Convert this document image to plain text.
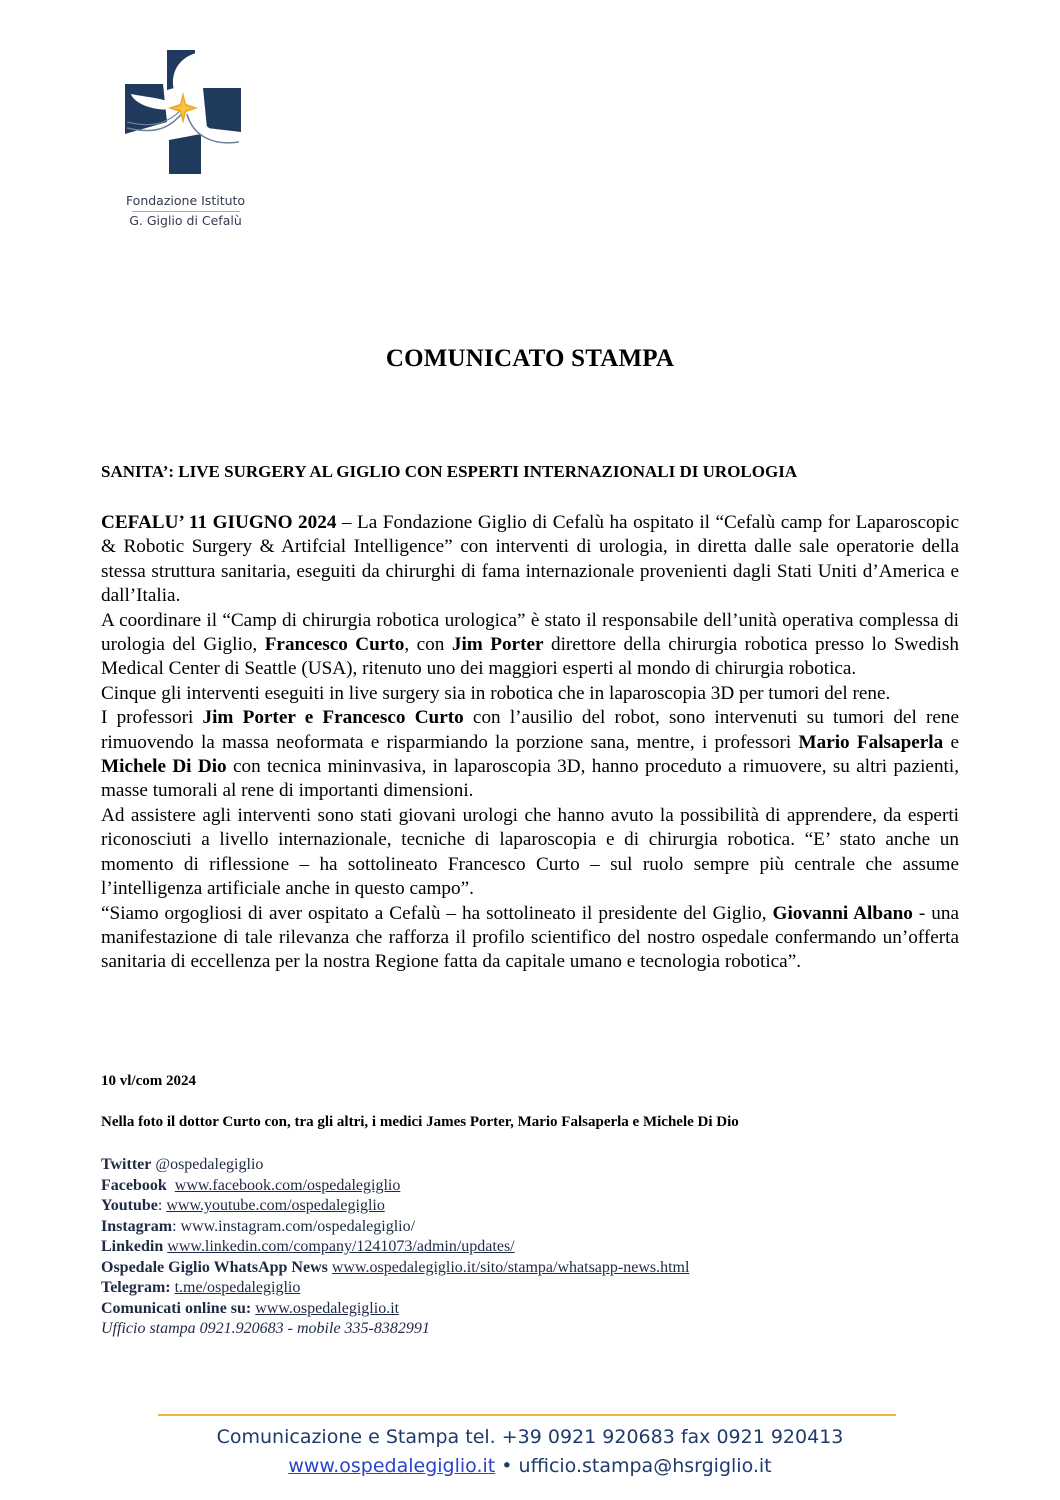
Fondazione Istituto
G. Giglio di Cefalù
COMUNICATO STAMPA
SANITA’: LIVE SURGERY AL GIGLIO CON ESPERTI INTERNAZIONALI DI UROLOGIA

CEFALU’ 11 GIUGNO 2024 – La Fondazione Giglio di Cefalù ha ospitato il “Cefalù camp for Laparoscopic & Robotic Surgery & Artifcial Intelligence” con interventi di urologia, in diretta dalle sale operatorie della stessa struttura sanitaria, eseguiti da chirurghi di fama internazionale provenienti dagli Stati Uniti d’America e dall’Italia.

A coordinare il “Camp di chirurgia robotica urologica” è stato il responsabile dell’unità operativa complessa di urologia del Giglio, Francesco Curto, con Jim Porter direttore della chirurgia robotica presso lo Swedish Medical Center di Seattle (USA), ritenuto uno dei maggiori esperti al mondo di chirurgia robotica.

Cinque gli interventi eseguiti in live surgery sia in robotica che in laparoscopia 3D per tumori del rene.

I professori Jim Porter e Francesco Curto con l’ausilio del robot, sono intervenuti su tumori del rene rimuovendo la massa neoformata e risparmiando la porzione sana, mentre, i professori Mario Falsaperla e Michele Di Dio con tecnica mininvasiva, in laparoscopia 3D, hanno proceduto a rimuovere, su altri pazienti, masse tumorali al rene di importanti dimensioni.

Ad assistere agli interventi sono stati giovani urologi che hanno avuto la possibilità di apprendere, da esperti riconosciuti a livello internazionale, tecniche di laparoscopia e di chirurgia robotica. “E’ stato anche un momento di riflessione – ha sottolineato Francesco Curto – sul ruolo sempre più centrale che assume l’intelligenza artificiale anche in questo campo”.

“Siamo orgogliosi di aver ospitato a Cefalù – ha sottolineato il presidente del Giglio, Giovanni Albano - una manifestazione di tale rilevanza che rafforza il profilo scientifico del nostro ospedale confermando un’offerta sanitaria di eccellenza per la nostra Regione fatta da capitale umano e tecnologia robotica”.

10 vl/com 2024
Nella foto il dottor Curto con, tra gli altri, i medici James Porter, Mario Falsaperla e Michele Di Dio
Twitter @ospedalegiglio
Facebook www.facebook.com/ospedalegiglio
Youtube: www.youtube.com/ospedalegiglio
Instagram: www.instagram.com/ospedalegiglio/
Linkedin www.linkedin.com/company/1241073/admin/updates/
Ospedale Giglio WhatsApp News www.ospedalegiglio.it/sito/stampa/whatsapp-news.html
Telegram: t.me/ospedalegiglio
Comunicati online su: www.ospedalegiglio.it
Ufficio stampa 0921.920683 - mobile 335-8382991
Comunicazione e Stampa tel. +39 0921 920683 fax 0921 920413
www.ospedalegiglio.it • ufficio.stampa@hsrgiglio.it
